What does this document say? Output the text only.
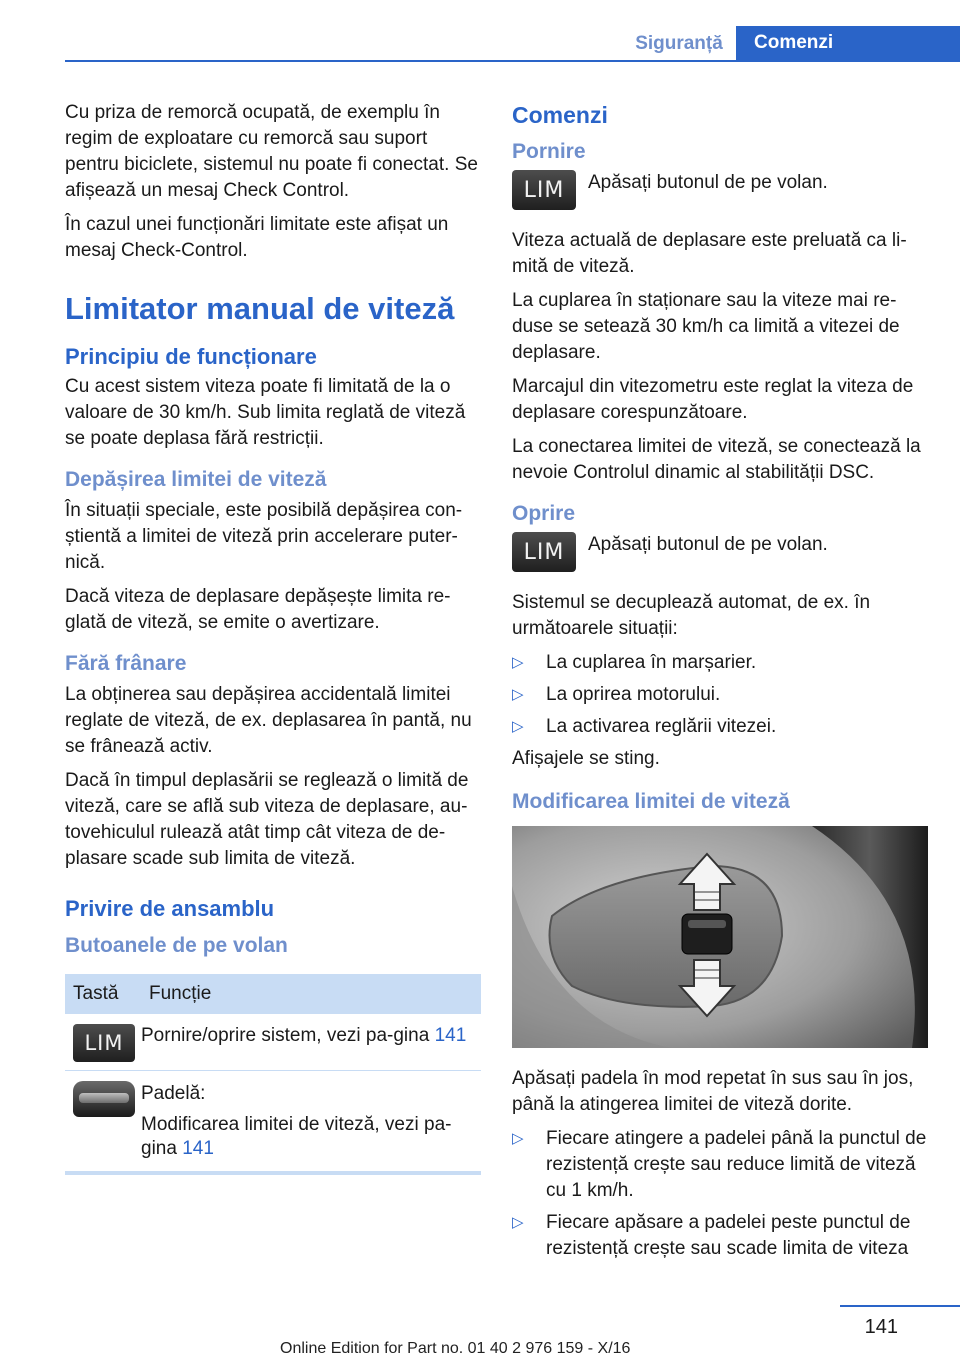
Siguranță	Comenzi

Cu priza de remorcă ocupată, de exemplu în regim de exploatare cu remorcă sau suport pentru biciclete, sistemul nu poate fi conectat. Se afișează un mesaj Check Control.

În cazul unei funcționări limitate este afișat un mesaj Check-Control.

Limitator manual de viteză
Principiu de funcționare

Cu acest sistem viteza poate fi limitată de la o valoare de 30 km/h. Sub limita reglată de viteză se poate deplasa fără restricții.

Depășirea limitei de viteză

În situații speciale, este posibilă depășirea con-știentă a limitei de viteză prin accelerare puter-nică.

Dacă viteza de deplasare depășește limita re-glată de viteză, se emite o avertizare.

Fără frânare

La obținerea sau depășirea accidentală limitei reglate de viteză, de ex. deplasarea în pantă, nu se frânează activ.

Dacă în timpul deplasării se reglează o limită de viteză, care se află sub viteza de deplasare, au-tovehiculul rulează atât timp cât viteza de de-plasare scade sub limita de viteză.

Privire de ansamblu
Butoanele de pe volan
Tastă	Funcție

LIM	Pornire/oprire sistem, vezi pa-gina 141

	Padelă:

Modificarea limitei de viteză, vezi pa-gina 141
Comenzi
Pornire
LIM	Apăsați butonul de pe volan.

Viteza actuală de deplasare este preluată ca li-mită de viteză.

La cuplarea în staționare sau la viteze mai re-duse se setează 30 km/h ca limită a vitezei de deplasare.

Marcajul din vitezometru este reglat la viteza de deplasare corespunzătoare.

La conectarea limitei de viteză, se conectează la nevoie Controlul dinamic al stabilității DSC.

Oprire
LIM	Apăsați butonul de pe volan.

Sistemul se decuplează automat, de ex. în următoarele situații:

▷ La cuplarea în marșarier.
▷ La oprirea motorului.
▷ La activarea reglării vitezei.

Afișajele se sting.

Modificarea limitei de viteză

Apăsați padela în mod repetat în sus sau în jos, până la atingerea limitei de viteză dorite.

▷ Fiecare atingere a padelei până la punctul de rezistență crește sau reduce limită de viteză cu 1 km/h.
▷ Fiecare apăsare a padelei peste punctul de rezistență crește sau scade limita de viteza
141
Online Edition for Part no. 01 40 2 976 159 - X/16
